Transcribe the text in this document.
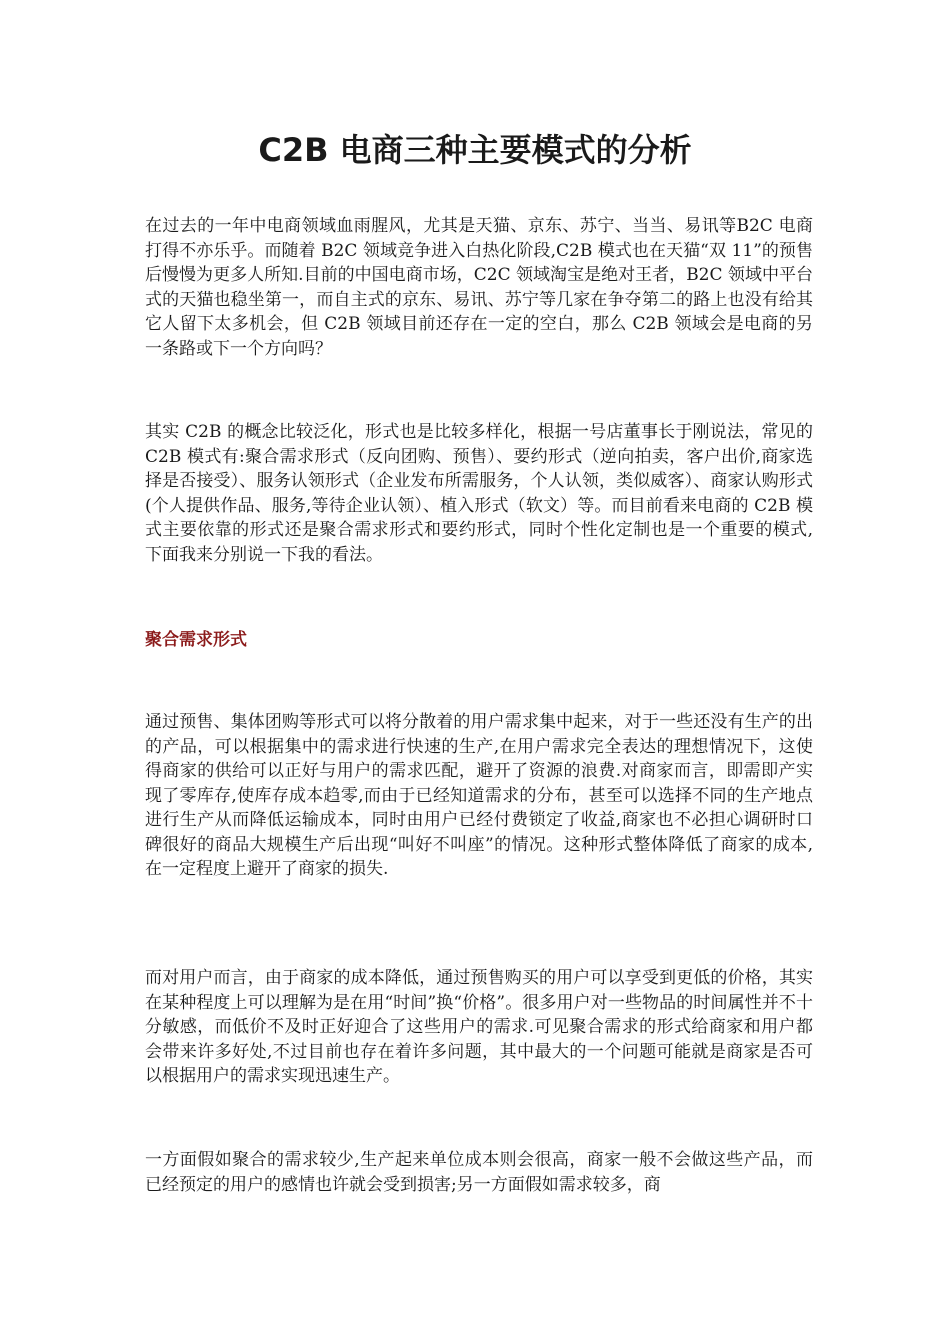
C2B 电商三种主要模式的分析

在过去的一年中电商领域血雨腥风，尤其是天猫、京东、苏宁、当当、易讯等B2C 电商打得不亦乐乎。而随着 B2C 领域竞争进入白热化阶段,C2B 模式也在天猫“双 11”的预售后慢慢为更多人所知.目前的中国电商市场，C2C 领域淘宝是绝对王者，B2C 领域中平台式的天猫也稳坐第一，而自主式的京东、易讯、苏宁等几家在争夺第二的路上也没有给其它人留下太多机会，但 C2B 领域目前还存在一定的空白，那么 C2B 领域会是电商的另一条路或下一个方向吗？

其实 C2B 的概念比较泛化，形式也是比较多样化，根据一号店董事长于刚说法，常见的 C2B 模式有:聚合需求形式（反向团购、预售）、要约形式（逆向拍卖，客户出价,商家选择是否接受）、服务认领形式（企业发布所需服务，个人认领，类似威客）、商家认购形式(个人提供作品、服务,等待企业认领）、植入形式（软文）等。而目前看来电商的 C2B 模式主要依靠的形式还是聚合需求形式和要约形式，同时个性化定制也是一个重要的模式,下面我来分别说一下我的看法。

聚合需求形式

通过预售、集体团购等形式可以将分散着的用户需求集中起来，对于一些还没有生产的出的产品，可以根据集中的需求进行快速的生产,在用户需求完全表达的理想情况下，这使得商家的供给可以正好与用户的需求匹配，避开了资源的浪费.对商家而言，即需即产实现了零库存,使库存成本趋零,而由于已经知道需求的分布，甚至可以选择不同的生产地点进行生产从而降低运输成本，同时由用户已经付费锁定了收益,商家也不必担心调研时口碑很好的商品大规模生产后出现“叫好不叫座”的情况。这种形式整体降低了商家的成本,在一定程度上避开了商家的损失.

而对用户而言，由于商家的成本降低，通过预售购买的用户可以享受到更低的价格，其实在某种程度上可以理解为是在用“时间”换“价格”。很多用户对一些物品的时间属性并不十分敏感，而低价不及时正好迎合了这些用户的需求.可见聚合需求的形式给商家和用户都会带来许多好处,不过目前也存在着许多问题，其中最大的一个问题可能就是商家是否可以根据用户的需求实现迅速生产。

一方面假如聚合的需求较少,生产起来单位成本则会很高，商家一般不会做这些产品，而已经预定的用户的感情也许就会受到损害;另一方面假如需求较多，商
